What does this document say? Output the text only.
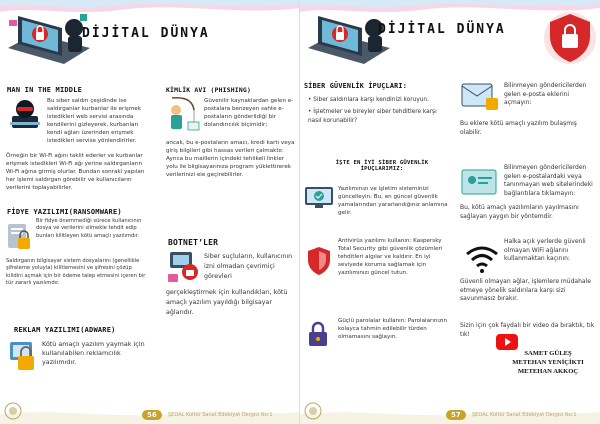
DİJİTAL DÜNYA
MAN IN THE MIDDLE
Bu siber saldırı çeşidinde ise saldırganlar kurbanlar ile erişmek istedikleri web servisi arasında kendilerini gizleyerek, kurbanları kendi ağları üzerinden erişmek istedikleri servise yönlendirirler.
Örneğin bir Wi-Fi ağını taklit ederler ve kurbanlar erişmek istedikleri Wi-Fi ağı yerine saldırganların Wi-Fi ağına girmiş olurlar. Bundan sonraki yapılan her işlemi saldırgan görebilir ve kullanıcıların verilerini toplayabilirler.
FİDYE YAZILIMI(RANSOMWARE)
Bir fidye önemmediği sürece kullanıcının dosya ve verilerini silmekle tehdit edip bunları kilitleyen kötü amaçlı yazılımdır.
Saldırganın bilgisayar sistem dosyalarını (genellikle şifreleme yoluyla) kilitlemesini ve şifresini çözüp kilidini açmak için bir ödeme talep etmesini içeren bir tür zararlı yazılımdır.
REKLAM YAZILIMI(ADWARE)
Kötü amaçlı yazılım yaymak için kullanılabilen reklamcılık yazılımıdır.
KİMLİK AVI (PHISHING)
Güvenilir kaynaklardan gelen e-postalara benzeyen sahte e-postaların gönderildiği bir dolandırıcılık biçimidir;
ancak, bu e-postaların amacı, kredi kartı veya giriş bilgileri gibi hassas verileri çalmaktır. Ayrıca bu maillerin içindeki tehlikeli linkler yolu ile bilgisayarınıza program yüklettirerek verilerinizi ele geçirebilirler.
BOTNET’LER
Siber suçluların, kullanıcının izni olmadan çevrimiçi görevleri
gerçekleştirmek için kullandıkları, kötü amaçlı yazılım yayıldığı bilgisayar ağlarıdır.
56	ŞEDAL Kültür Sanat Edebiyat Dergisi No:1
DİJİTAL DÜNYA
SİBER GÜVENLİK İPUÇLARI:
• Siber saldırılara karşı kendinizi koruyun.
• İşletmeler ve bireyler siber tehditlere karşı nasıl korunabilir?
İŞTE EN İYİ SİBER GÜVENLİK İPUÇLARIMIZ:
Yazılımınızı ve işletim sisteminizi güncelleyin: Bu, en güncel güvenlik yamalarından yararlandığınız anlamına gelir.
Antivirüs yazılımı kullanın: Kaspersky Total Security gibi güvenlik çözümleri tehditleri algılar ve kaldırır. En iyi seviyede koruma sağlamak için yazılımınızı güncel tutun.
Güçlü parolalar kullanın: Parolalarınızın kolayca tahmin edilebilir türden olmamasını sağlayın.
Bilinmeyen göndericilerden gelen e-posta eklerini açmayın:
Bu eklere kötü amaçlı yazılım bulaşmış olabilir.
Bilinmeyen göndericilerden gelen e-postalardaki veya tanınmayan web sitelerindeki bağlantılara tıklamayın:
Bu, kötü amaçlı yazılımların yayılmasını sağlayan yaygın bir yöntemdir.
Halka açık yerlerde güvenli olmayan WiFi ağlarını kullanmaktan kaçının:
Güvenli olmayan ağlar, işlemlere müdahale etmeye yönelik saldırılara karşı sizi savunmasız bırakır.
Sizin için çok faydalı bir video da bıraktık, tık tık!
SAMET GÜLEŞ
METEHAN YENİÇİKTI
METEHAN AKKOÇ
57	ŞEDAL Kültür Sanat Edebiyat Dergisi No:1
